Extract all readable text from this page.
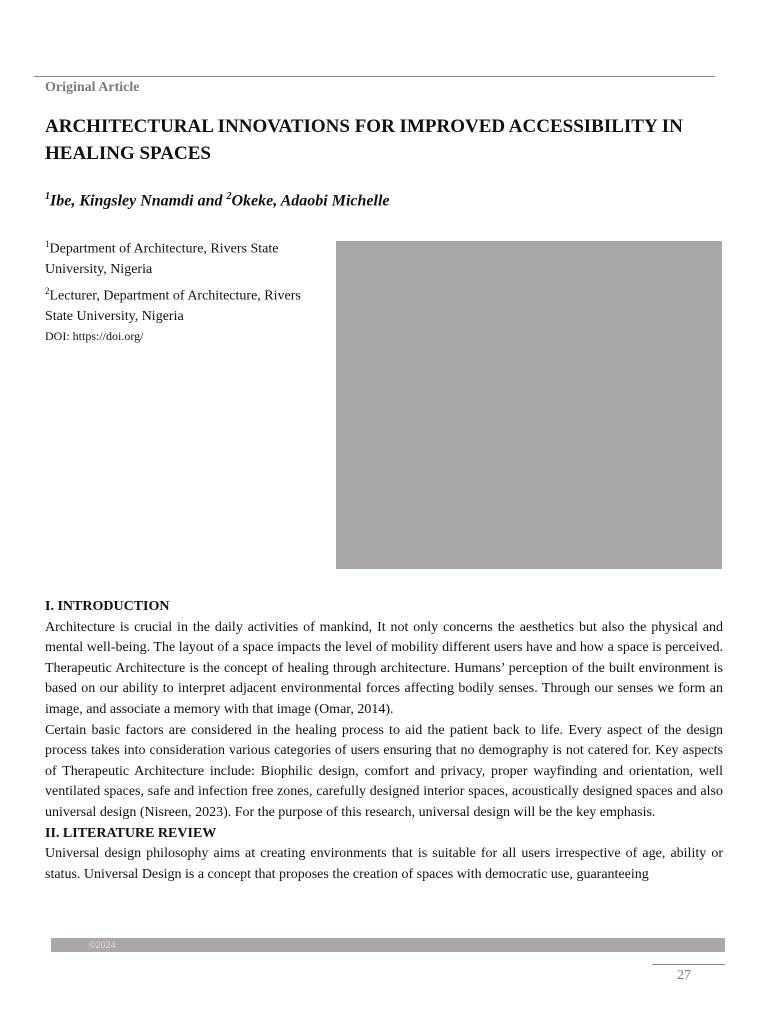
Original Article
ARCHITECTURAL INNOVATIONS FOR IMPROVED ACCESSIBILITY IN HEALING SPACES
$^1$Ibe, Kingsley Nnamdi and $^2$Okeke, Adaobi Michelle
$^1$Department of Architecture, Rivers State University, Nigeria
$^2$Lecturer, Department of Architecture, Rivers State University, Nigeria
DOI: https://doi.org/
I. INTRODUCTION

Architecture is crucial in the daily activities of mankind, It not only concerns the aesthetics but also the physical and mental well-being. The layout of a space impacts the level of mobility different users have and how a space is perceived. Therapeutic Architecture is the concept of healing through architecture. Humans’ perception of the built environment is based on our ability to interpret adjacent environmental forces affecting bodily senses. Through our senses we form an image, and associate a memory with that image (Omar, 2014).

Certain basic factors are considered in the healing process to aid the patient back to life. Every aspect of the design process takes into consideration various categories of users ensuring that no demography is not catered for. Key aspects of Therapeutic Architecture include: Biophilic design, comfort and privacy, proper wayfinding and orientation, well ventilated spaces, safe and infection free zones, carefully designed interior spaces, acoustically designed spaces and also universal design (Nisreen, 2023). For the purpose of this research, universal design will be the key emphasis.

II. LITERATURE REVIEW

Universal design philosophy aims at creating environments that is suitable for all users irrespective of age, ability or status. Universal Design is a concept that proposes the creation of spaces with democratic use, guaranteeing

©2024
27
